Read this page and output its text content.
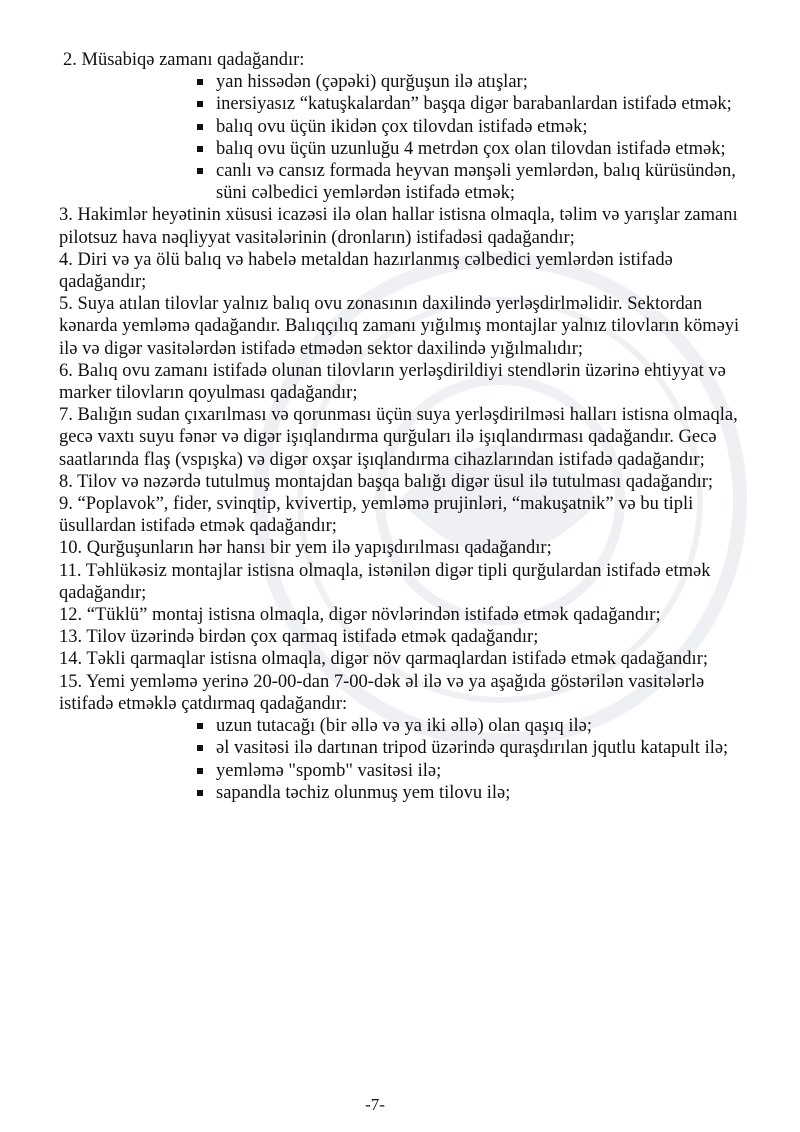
2. Müsabiqə zamanı qadağandır:

yan hissədən (çəpəki) qurğuşun ilə atışlar;
inersiyasız “katuşkalardan” başqa digər barabanlardan istifadə etmək;
balıq ovu üçün ikidən çox tilovdan istifadə etmək;
balıq ovu üçün uzunluğu 4 metrdən çox olan tilovdan istifadə etmək;
canlı və cansız formada heyvan mənşəli yemlərdən, balıq kürüsündən, süni cəlbedici yemlərdən istifadə etmək;

3. Hakimlər heyətinin xüsusi icazəsi ilə olan hallar istisna olmaqla, təlim və yarışlar zamanı pilotsuz hava nəqliyyat vasitələrinin (dronların) istifadəsi qadağandır;

4. Diri və ya ölü balıq və habelə metaldan hazırlanmış cəlbedici yemlərdən istifadə qadağandır;

5. Suya atılan tilovlar yalnız balıq ovu zonasının daxilində yerləşdirlməlidir. Sektordan kənarda yemləmə qadağandır. Balıqçılıq zamanı yığılmış montajlar yalnız tilovların köməyi ilə və digər vasitələrdən istifadə etmədən sektor daxilində yığılmalıdır;

6. Balıq ovu zamanı istifadə olunan tilovların yerləşdirildiyi stendlərin üzərinə ehtiyyat və marker tilovların qoyulması qadağandır;

7. Balığın sudan çıxarılması və qorunması üçün suya yerləşdirilməsi halları istisna olmaqla, gecə vaxtı suyu fənər və digər işıqlandırma qurğuları ilə işıqlandırması qadağandır. Gecə saatlarında flaş (vspışka) və digər oxşar işıqlandırma cihazlarından istifadə qadağandır;

8. Tilov və nəzərdə tutulmuş montajdan başqa balığı digər üsul ilə tutulması qadağandır;

9. “Poplavok”, fider, svinqtip, kvivertip, yemləmə prujinləri, “makuşatnik” və bu tipli üsullardan istifadə etmək qadağandır;

10. Qurğuşunların hər hansı bir yem ilə yapışdırılması qadağandır;

11. Təhlükəsiz montajlar istisna olmaqla, istənilən digər tipli qurğulardan istifadə etmək qadağandır;

12. “Tüklü” montaj istisna olmaqla, digər növlərindən istifadə etmək qadağandır;

13. Tilov üzərində birdən çox qarmaq istifadə etmək qadağandır;

14. Təkli qarmaqlar istisna olmaqla, digər növ qarmaqlardan istifadə etmək qadağandır;

15. Yemi yemləmə yerinə 20-00-dan 7-00-dək əl ilə və ya aşağıda göstərilən vasitələrlə istifadə etməklə çatdırmaq qadağandır:

uzun tutacağı (bir əllə və ya iki əllə) olan qaşıq ilə;
əl vasitəsi ilə dartınan tripod üzərində quraşdırılan jqutlu katapult ilə;
yemləmə "spomb" vasitəsi ilə;
sapandla təchiz olunmuş yem tilovu ilə;
-7-
